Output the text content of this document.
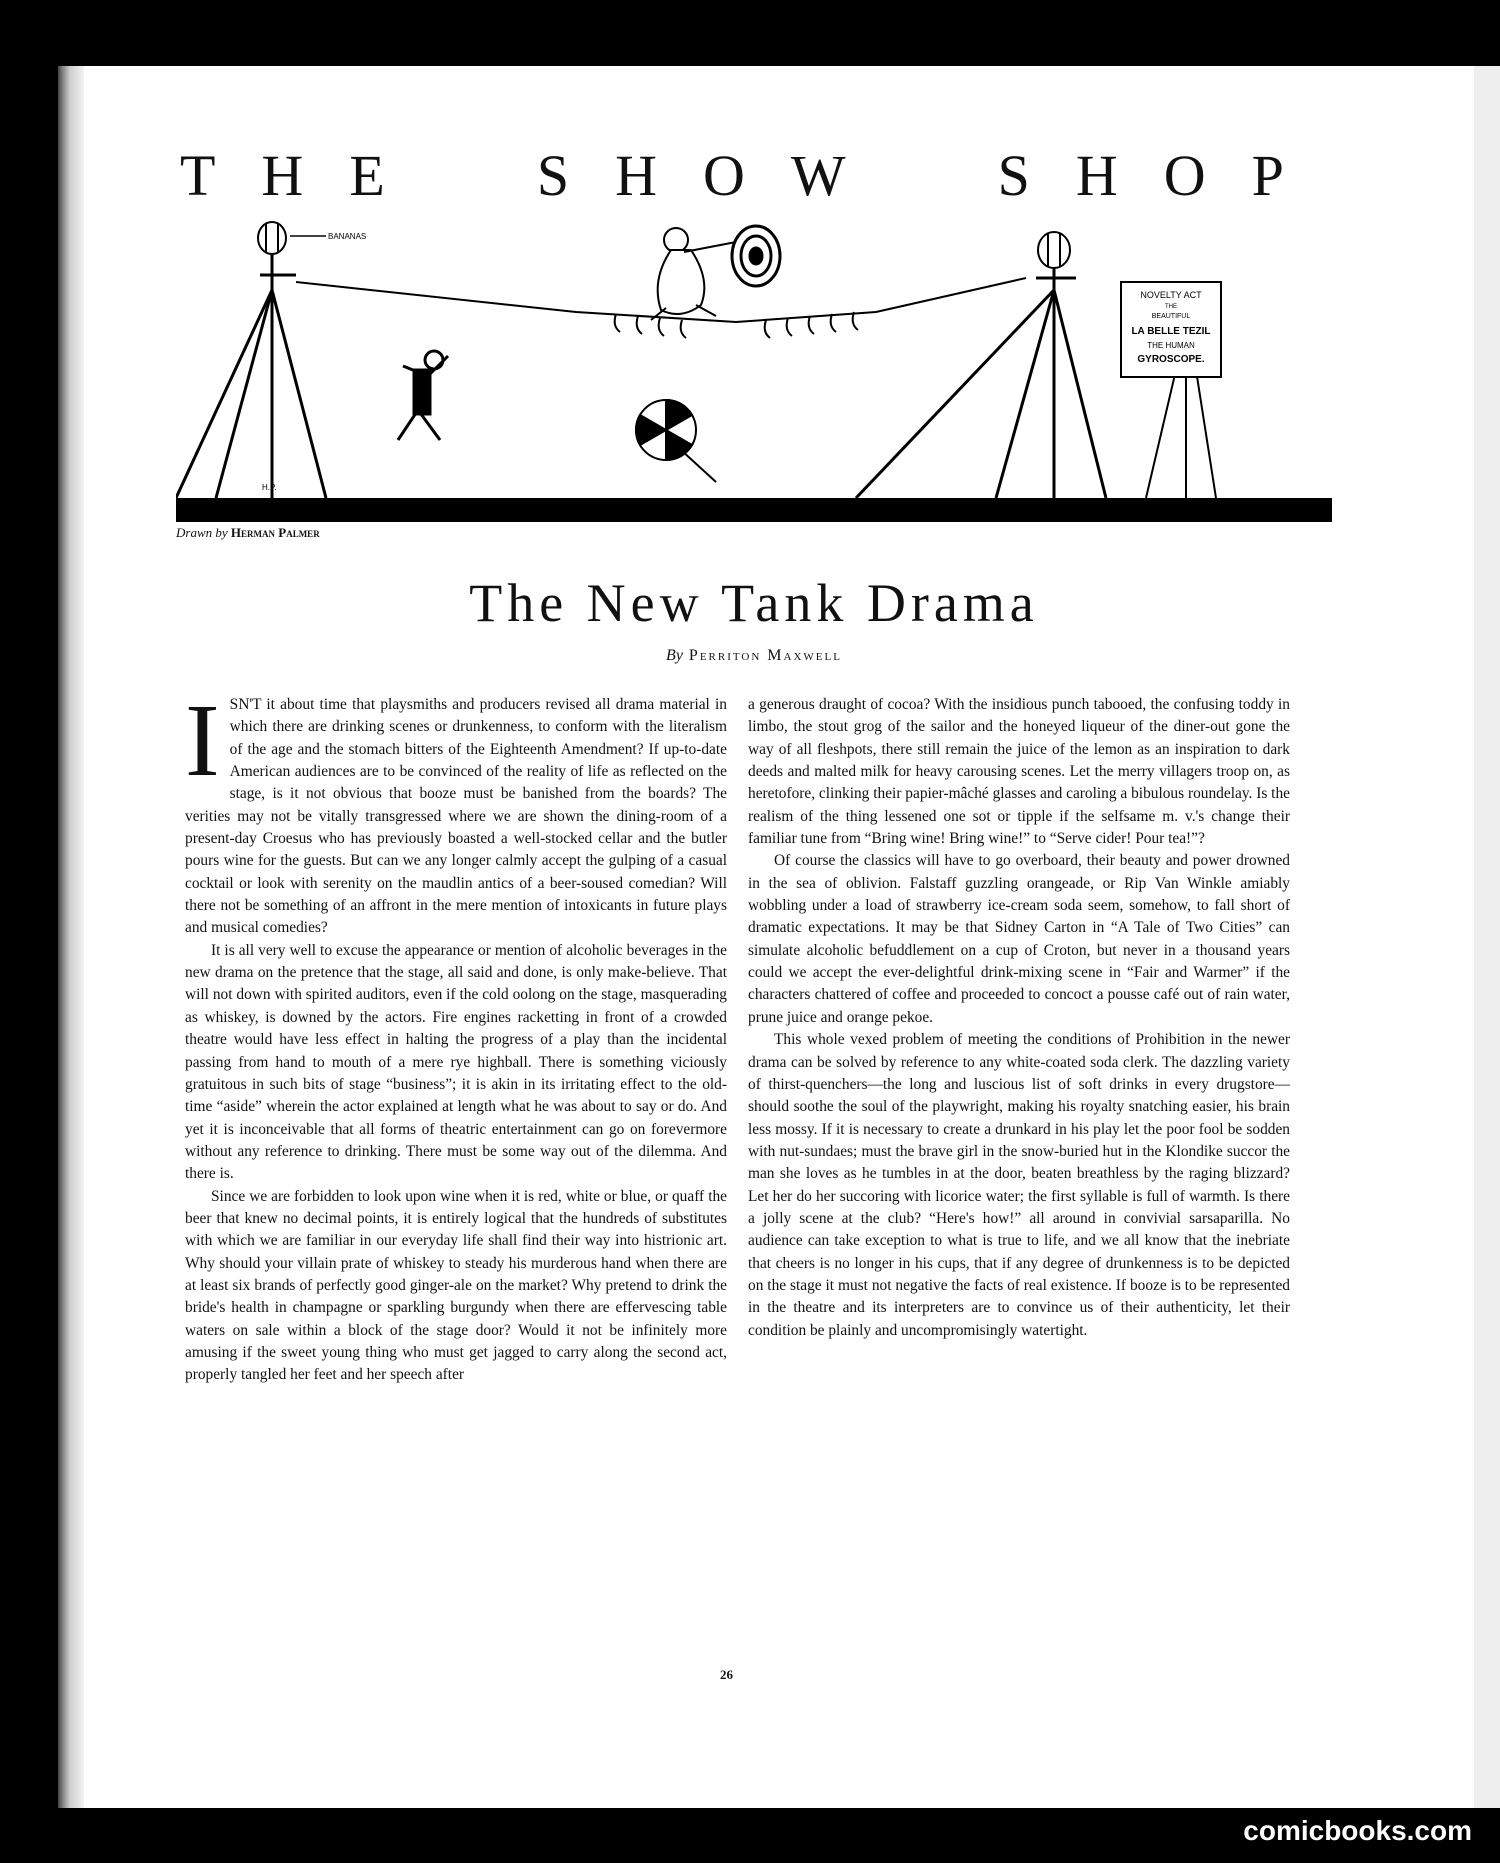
THE SHOW SHOP
BANANAS
NOVELTY ACT
THE
BEAUTIFUL
LA BELLE TEZIL
THE HUMAN
GYROSCOPE.
H.P.
Drawn by Herman Palmer
The New Tank Drama
By Perriton Maxwell

ISN'T it about time that playsmiths and producers revised all drama material in which there are drinking scenes or drunkenness, to conform with the literalism of the age and the stomach bitters of the Eighteenth Amendment? If up-to-date American audiences are to be convinced of the reality of life as reflected on the stage, is it not obvious that booze must be banished from the boards? The verities may not be vitally transgressed where we are shown the dining-room of a present-day Croesus who has previously boasted a well-stocked cellar and the butler pours wine for the guests. But can we any longer calmly accept the gulping of a casual cocktail or look with serenity on the maudlin antics of a beer-soused comedian? Will there not be something of an affront in the mere mention of intoxicants in future plays and musical comedies?

It is all very well to excuse the appearance or mention of alcoholic beverages in the new drama on the pretence that the stage, all said and done, is only make-believe. That will not down with spirited auditors, even if the cold oolong on the stage, masquerading as whiskey, is downed by the actors. Fire engines racketting in front of a crowded theatre would have less effect in halting the progress of a play than the incidental passing from hand to mouth of a mere rye highball. There is something viciously gratuitous in such bits of stage “business”; it is akin in its irritating effect to the old-time “aside” wherein the actor explained at length what he was about to say or do. And yet it is inconceivable that all forms of theatric entertainment can go on forevermore without any reference to drinking. There must be some way out of the dilemma. And there is.

Since we are forbidden to look upon wine when it is red, white or blue, or quaff the beer that knew no decimal points, it is entirely logical that the hundreds of substitutes with which we are familiar in our everyday life shall find their way into histrionic art. Why should your villain prate of whiskey to steady his murderous hand when there are at least six brands of perfectly good ginger-ale on the market? Why pretend to drink the bride's health in champagne or sparkling burgundy when there are effervescing table waters on sale within a block of the stage door? Would it not be infinitely more amusing if the sweet young thing who must get jagged to carry along the second act, properly tangled her feet and her speech after

a generous draught of cocoa? With the insidious punch tabooed, the confusing toddy in limbo, the stout grog of the sailor and the honeyed liqueur of the diner-out gone the way of all fleshpots, there still remain the juice of the lemon as an inspiration to dark deeds and malted milk for heavy carousing scenes. Let the merry villagers troop on, as heretofore, clinking their papier-mâché glasses and caroling a bibulous roundelay. Is the realism of the thing lessened one sot or tipple if the selfsame m. v.'s change their familiar tune from “Bring wine! Bring wine!” to “Serve cider! Pour tea!”?

Of course the classics will have to go overboard, their beauty and power drowned in the sea of oblivion. Falstaff guzzling orangeade, or Rip Van Winkle amiably wobbling under a load of strawberry ice-cream soda seem, somehow, to fall short of dramatic expectations. It may be that Sidney Carton in “A Tale of Two Cities” can simulate alcoholic befuddlement on a cup of Croton, but never in a thousand years could we accept the ever-delightful drink-mixing scene in “Fair and Warmer” if the characters chattered of coffee and proceeded to concoct a pousse café out of rain water, prune juice and orange pekoe.

This whole vexed problem of meeting the conditions of Prohibition in the newer drama can be solved by reference to any white-coated soda clerk. The dazzling variety of thirst-quenchers—the long and luscious list of soft drinks in every drugstore—should soothe the soul of the playwright, making his royalty snatching easier, his brain less mossy. If it is necessary to create a drunkard in his play let the poor fool be sodden with nut-sundaes; must the brave girl in the snow-buried hut in the Klondike succor the man she loves as he tumbles in at the door, beaten breathless by the raging blizzard? Let her do her succoring with licorice water; the first syllable is full of warmth. Is there a jolly scene at the club? “Here's how!” all around in convivial sarsaparilla. No audience can take exception to what is true to life, and we all know that the inebriate that cheers is no longer in his cups, that if any degree of drunkenness is to be depicted on the stage it must not negative the facts of real existence. If booze is to be represented in the theatre and its interpreters are to convince us of their authenticity, let their condition be plainly and uncompromisingly watertight.

26
comicbooks.com
